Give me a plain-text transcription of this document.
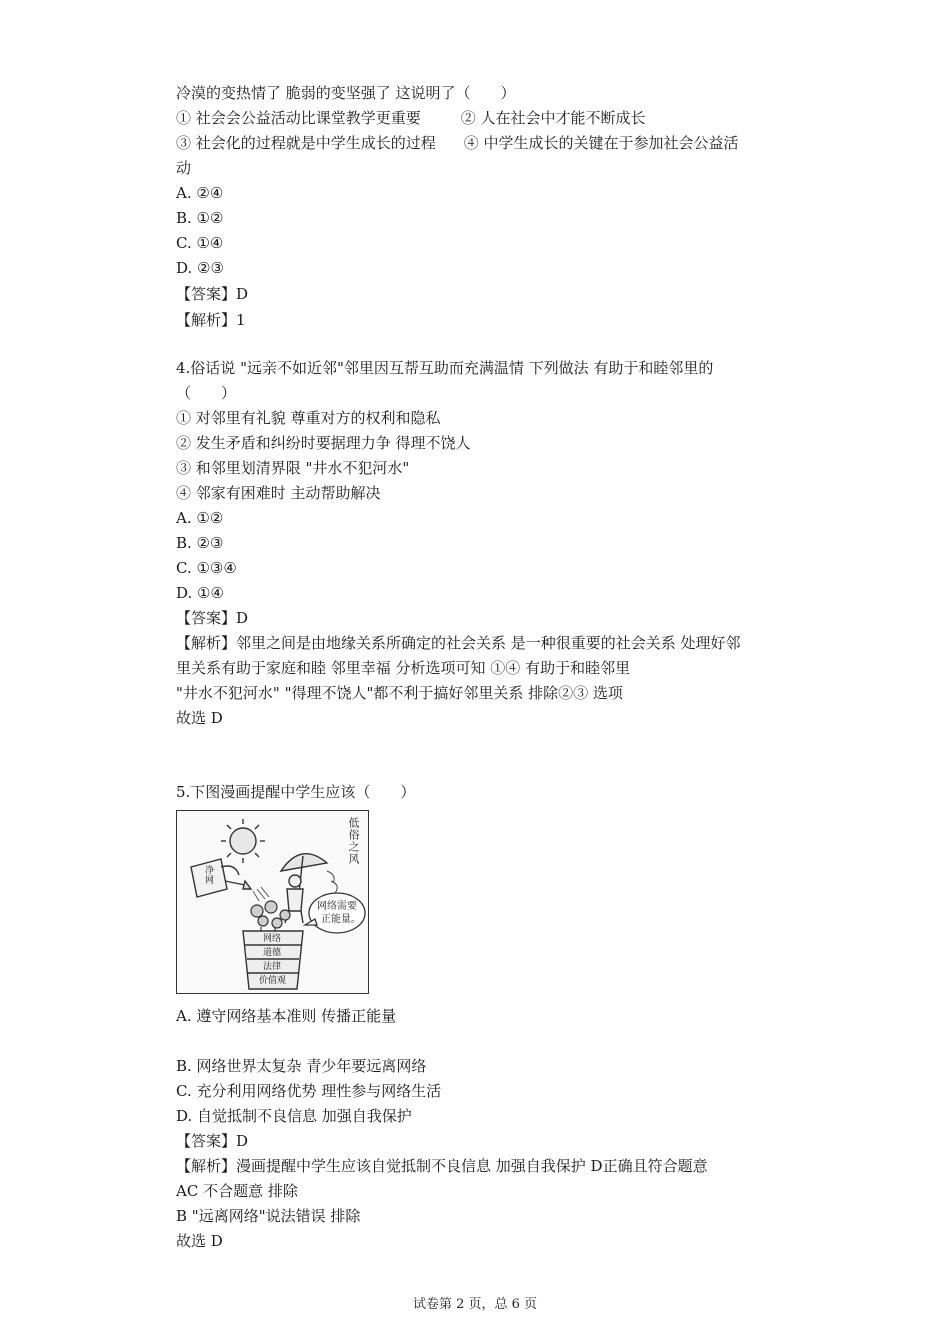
冷漠的变热情了 脆弱的变坚强了 这说明了（　　）
① 社会会公益活动比课堂教学更重要	② 人在社会中才能不断成长
③ 社会化的过程就是中学生成长的过程 ④ 中学生成长的关键在于参加社会公益活
动
A. ②④
B. ①②
C. ①④
D. ②③
【答案】D
【解析】1
4.俗话说 "远亲不如近邻"邻里因互帮互助而充满温情 下列做法 有助于和睦邻里的
（　　）
① 对邻里有礼貌 尊重对方的权利和隐私
② 发生矛盾和纠纷时要据理力争 得理不饶人
③ 和邻里划清界限 "井水不犯河水"
④ 邻家有困难时 主动帮助解决
A. ①②
B. ②③
C. ①③④
D. ①④
【答案】D
【解析】邻里之间是由地缘关系所确定的社会关系 是一种很重要的社会关系 处理好邻
里关系有助于家庭和睦 邻里幸福 分析选项可知 ①④ 有助于和睦邻里
"井水不犯河水" "得理不饶人"都不利于搞好邻里关系 排除②③ 选项
故选 D
5.下图漫画提醒中学生应该（　　）
低俗之风
净网
网络需要
正能量。
网络
道德
法律
价值观
A. 遵守网络基本准则 传播正能量
B. 网络世界太复杂 青少年要远离网络
C. 充分利用网络优势 理性参与网络生活
D. 自觉抵制不良信息 加强自我保护
【答案】D
【解析】漫画提醒中学生应该自觉抵制不良信息 加强自我保护 D正确且符合题意
AC 不合题意 排除
B "远离网络"说法错误 排除
故选 D
试卷第 2 页，总 6 页
